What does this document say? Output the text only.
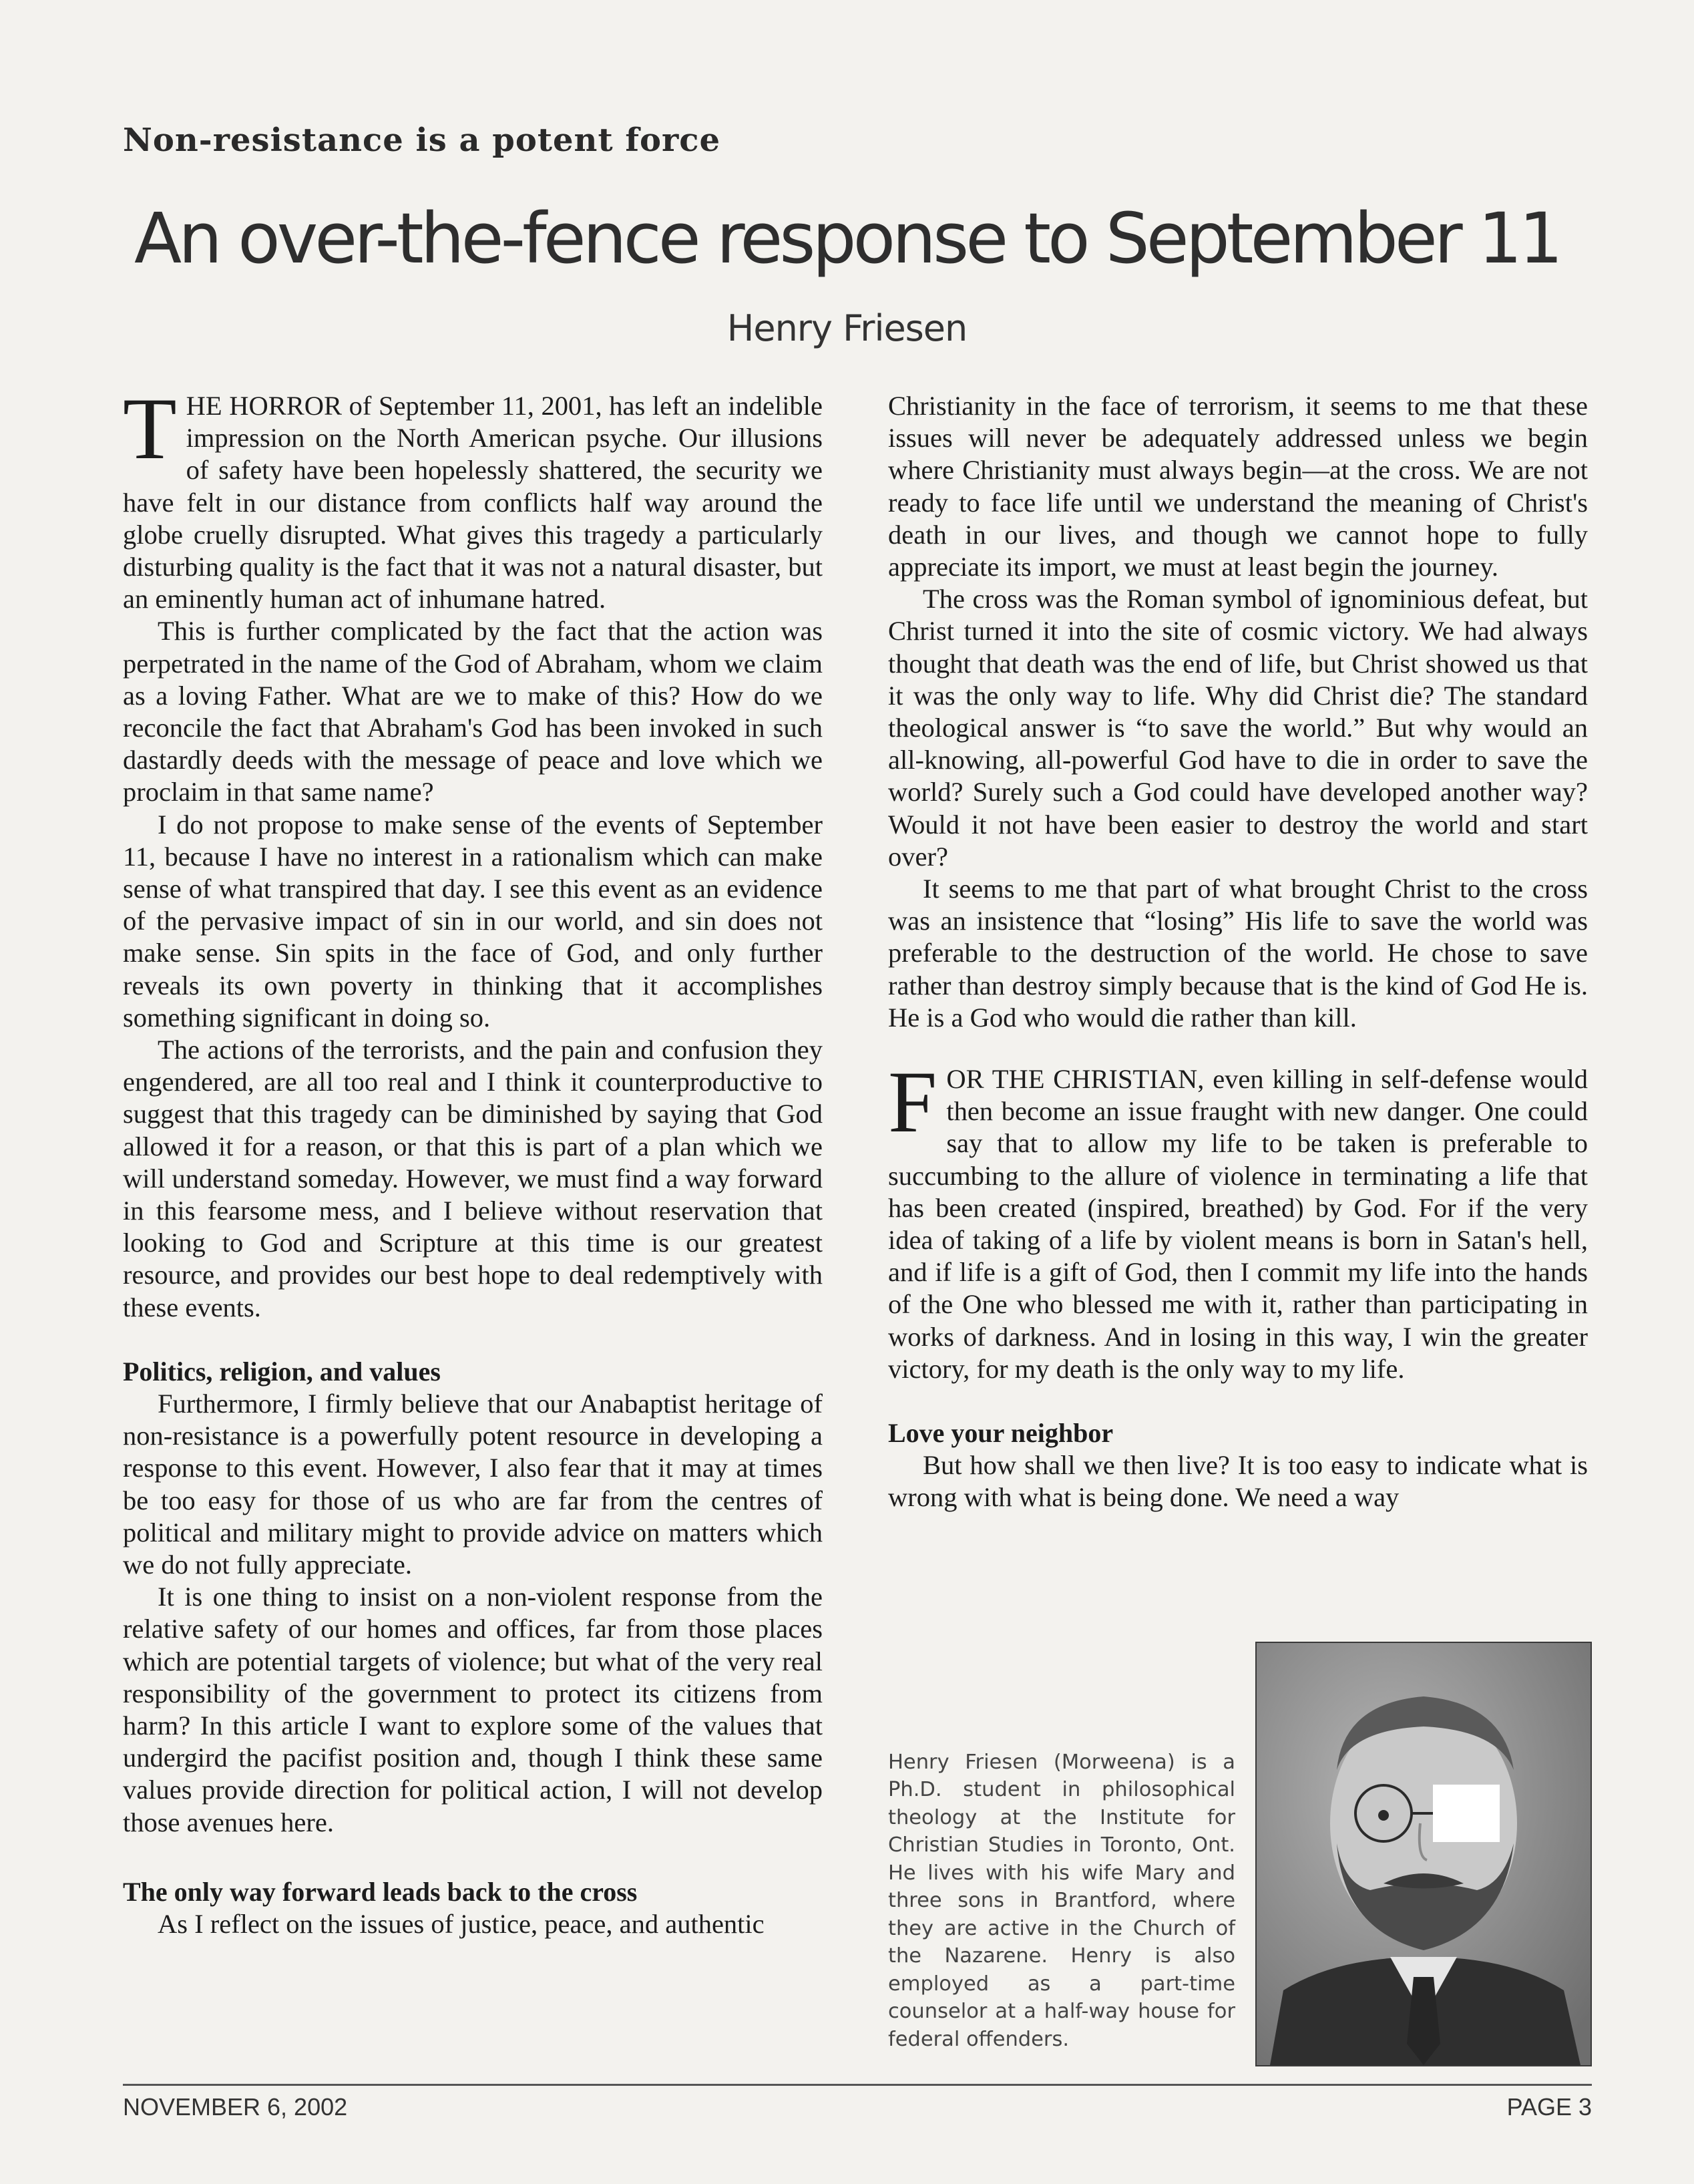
Non-resistance is a potent force
An over-the-fence response to September 11
Henry Friesen

THE HORROR of September 11, 2001, has left an indelible impression on the North American psyche. Our illusions of safety have been hopelessly shattered, the security we have felt in our distance from conflicts half way around the globe cruelly disrupted. What gives this tragedy a particularly disturbing quality is the fact that it was not a natural disaster, but an eminently human act of inhumane hatred.

This is further complicated by the fact that the action was perpetrated in the name of the God of Abraham, whom we claim as a loving Father. What are we to make of this? How do we reconcile the fact that Abraham's God has been invoked in such dastardly deeds with the message of peace and love which we proclaim in that same name?

I do not propose to make sense of the events of September 11, because I have no interest in a rationalism which can make sense of what transpired that day. I see this event as an evidence of the pervasive impact of sin in our world, and sin does not make sense. Sin spits in the face of God, and only further reveals its own poverty in thinking that it accomplishes something significant in doing so.

The actions of the terrorists, and the pain and confusion they engendered, are all too real and I think it counterproductive to suggest that this tragedy can be diminished by saying that God allowed it for a reason, or that this is part of a plan which we will understand someday. However, we must find a way forward in this fearsome mess, and I believe without reservation that looking to God and Scripture at this time is our greatest resource, and provides our best hope to deal redemptively with these events.

Politics, religion, and values

Furthermore, I firmly believe that our Anabaptist heritage of non-resistance is a powerfully potent resource in developing a response to this event. However, I also fear that it may at times be too easy for those of us who are far from the centres of political and military might to provide advice on matters which we do not fully appreciate.

It is one thing to insist on a non-violent response from the relative safety of our homes and offices, far from those places which are potential targets of violence; but what of the very real responsibility of the government to protect its citizens from harm? In this article I want to explore some of the values that undergird the pacifist position and, though I think these same values provide direction for political action, I will not develop those avenues here.

The only way forward leads back to the cross

As I reflect on the issues of justice, peace, and authentic

Christianity in the face of terrorism, it seems to me that these issues will never be adequately addressed unless we begin where Christianity must always begin—at the cross. We are not ready to face life until we understand the meaning of Christ's death in our lives, and though we cannot hope to fully appreciate its import, we must at least begin the journey.

The cross was the Roman symbol of ignominious defeat, but Christ turned it into the site of cosmic victory. We had always thought that death was the end of life, but Christ showed us that it was the only way to life. Why did Christ die? The standard theological answer is “to save the world.” But why would an all-knowing, all-powerful God have to die in order to save the world? Surely such a God could have developed another way? Would it not have been easier to destroy the world and start over?

It seems to me that part of what brought Christ to the cross was an insistence that “losing” His life to save the world was preferable to the destruction of the world. He chose to save rather than destroy simply because that is the kind of God He is. He is a God who would die rather than kill.

FOR THE CHRISTIAN, even killing in self-defense would then become an issue fraught with new danger. One could say that to allow my life to be taken is preferable to succumbing to the allure of violence in terminating a life that has been created (inspired, breathed) by God. For if the very idea of taking of a life by violent means is born in Satan's hell, and if life is a gift of God, then I commit my life into the hands of the One who blessed me with it, rather than participating in works of darkness. And in losing in this way, I win the greater victory, for my death is the only way to my life.

Love your neighbor

But how shall we then live? It is too easy to indicate what is wrong with what is being done. We need a way

Henry Friesen (Morweena) is a Ph.D. student in philosophical theology at the Institute for Christian Studies in Toronto, Ont. He lives with his wife Mary and three sons in Brantford, where they are active in the Church of the Nazarene. Henry is also employed as a part-time counselor at a half-way house for federal offenders.
NOVEMBER 6, 2002	PAGE 3
